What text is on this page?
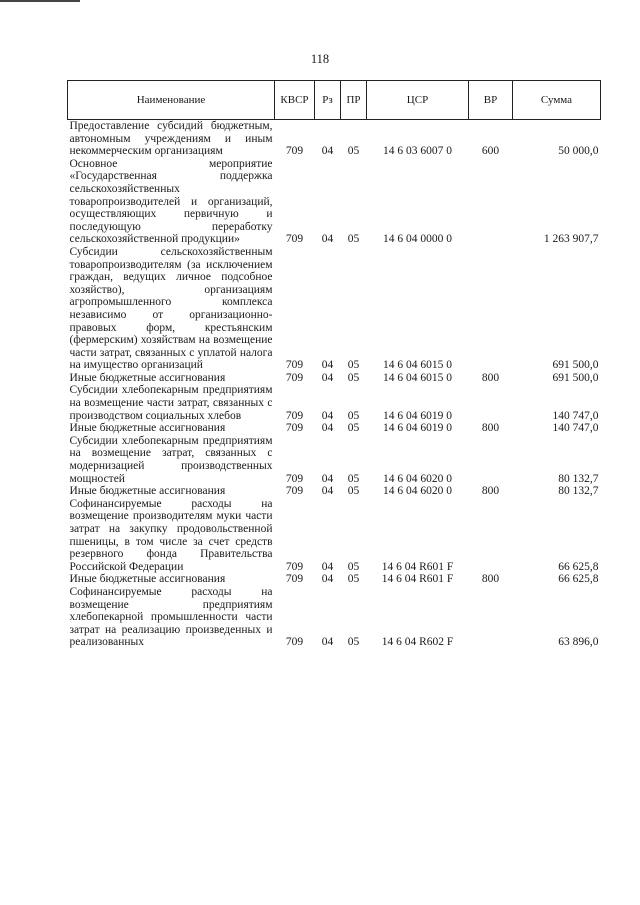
118
Наименование	КВСР	Рз	ПР	ЦСР	ВР	Сумма
Предоставление субсидий бюджетным, автономным учреждениям и иным некоммерческим организациям	709	04	05	14 6 03 6007 0	600	50 000,0
Основное мероприятие «Государственная поддержка сельскохозяйственных товаропроизводителей и организаций, осуществляющих первичную и последующую переработку сельскохозяйственной продукции»	709	04	05	14 6 04 0000 0		1 263 907,7
Субсидии сельскохозяйственным товаропроизводителям (за исключением граждан, ведущих личное подсобное хозяйство), организациям агропромышленного комплекса независимо от организационно-правовых форм, крестьянским (фермерским) хозяйствам на возмещение части затрат, связанных с уплатой налога на имущество организаций	709	04	05	14 6 04 6015 0		691 500,0
Иные бюджетные ассигнования	709	04	05	14 6 04 6015 0	800	691 500,0
Субсидии хлебопекарным предприятиям на возмещение части затрат, связанных с производством социальных хлебов	709	04	05	14 6 04 6019 0		140 747,0
Иные бюджетные ассигнования	709	04	05	14 6 04 6019 0	800	140 747,0
Субсидии хлебопекарным предприятиям на возмещение затрат, связанных с модернизацией производственных мощностей	709	04	05	14 6 04 6020 0		80 132,7
Иные бюджетные ассигнования	709	04	05	14 6 04 6020 0	800	80 132,7
Софинансируемые расходы на возмещение производителям муки части затрат на закупку продовольственной пшеницы, в том числе за счет средств резервного фонда Правительства Российской Федерации	709	04	05	14 6 04 R601 F		66 625,8
Иные бюджетные ассигнования	709	04	05	14 6 04 R601 F	800	66 625,8
Софинансируемые расходы на возмещение предприятиям хлебопекарной промышленности части затрат на реализацию произведенных и реализованных	709	04	05	14 6 04 R602 F		63 896,0
